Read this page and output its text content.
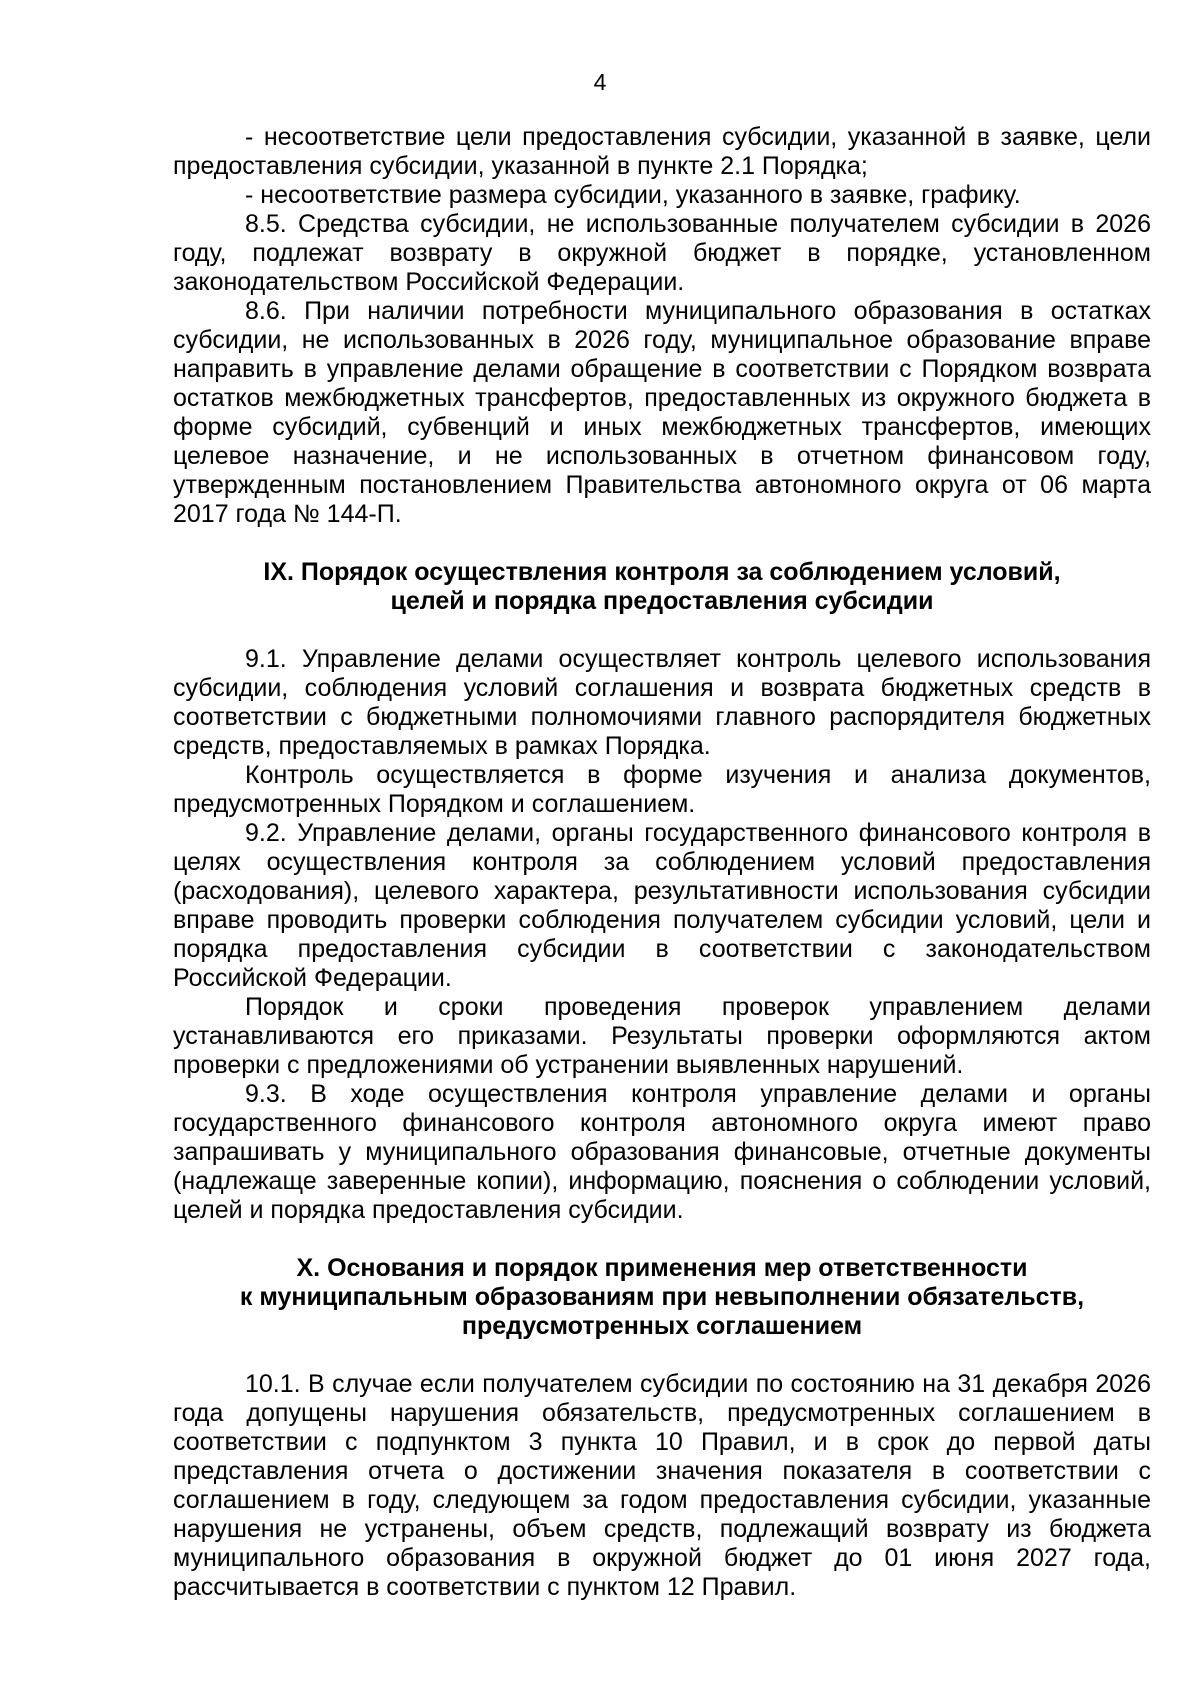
4

- несоответствие цели предоставления субсидии, указанной в заявке, цели предоставления субсидии, указанной в пункте 2.1 Порядка;

- несоответствие размера субсидии, указанного в заявке, графику.

8.5. Средства субсидии, не использованные получателем субсидии в 2026 году, подлежат возврату в окружной бюджет в порядке, установленном законодательством Российской Федерации.

8.6. При наличии потребности муниципального образования в остатках субсидии, не использованных в 2026 году, муниципальное образование вправе направить в управление делами обращение в соответствии с Порядком возврата остатков межбюджетных трансфертов, предоставленных из окружного бюджета в форме субсидий, субвенций и иных межбюджетных трансфертов, имеющих целевое назначение, и не использованных в отчетном финансовом году, утвержденным постановлением Правительства автономного округа от 06 марта 2017 года № 144-П.

IX. Порядок осуществления контроля за соблюдением условий,
целей и порядка предоставления субсидии

9.1. Управление делами осуществляет контроль целевого использования субсидии, соблюдения условий соглашения и возврата бюджетных средств в соответствии с бюджетными полномочиями главного распорядителя бюджетных средств, предоставляемых в рамках Порядка.

Контроль осуществляется в форме изучения и анализа документов, предусмотренных Порядком и соглашением.

9.2. Управление делами, органы государственного финансового контроля в целях осуществления контроля за соблюдением условий предоставления (расходования), целевого характера, результативности использования субсидии вправе проводить проверки соблюдения получателем субсидии условий, цели и порядка предоставления субсидии в соответствии с законодательством Российской Федерации.

Порядок и сроки проведения проверок управлением делами устанавливаются его приказами. Результаты проверки оформляются актом проверки с предложениями об устранении выявленных нарушений.

9.3. В ходе осуществления контроля управление делами и органы государственного финансового контроля автономного округа имеют право запрашивать у муниципального образования финансовые, отчетные документы (надлежаще заверенные копии), информацию, пояснения о соблюдении условий, целей и порядка предоставления субсидии.

X. Основания и порядок применения мер ответственности
к муниципальным образованиям при невыполнении обязательств,
предусмотренных соглашением

10.1. В случае если получателем субсидии по состоянию на 31 декабря 2026 года допущены нарушения обязательств, предусмотренных соглашением в соответствии с подпунктом 3 пункта 10 Правил, и в срок до первой даты представления отчета о достижении значения показателя в соответствии с соглашением в году, следующем за годом предоставления субсидии, указанные нарушения не устранены, объем средств, подлежащий возврату из бюджета муниципального образования в окружной бюджет до 01 июня 2027 года, рассчитывается в соответствии с пунктом 12 Правил.
